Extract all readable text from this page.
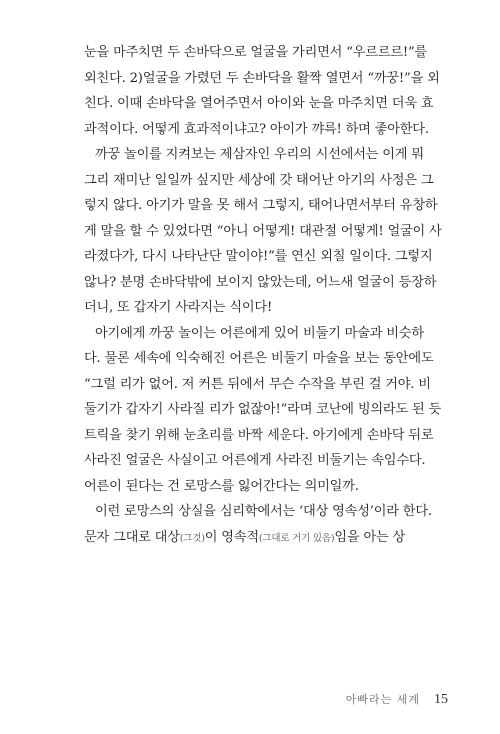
눈을 마주치면 두 손바닥으로 얼굴을 가리면서 “우르르르!”를
외친다. 2)얼굴을 가렸던 두 손바닥을 활짝 열면서 “까꿍!”을 외
친다. 이때 손바닥을 열어주면서 아이와 눈을 마주치면 더욱 효
과적이다. 어떻게 효과적이냐고? 아이가 꺄륵! 하며 좋아한다.
까꿍 놀이를 지켜보는 제삼자인 우리의 시선에서는 이게 뭐
그리 재미난 일일까 싶지만 세상에 갓 태어난 아기의 사정은 그
렇지 않다. 아기가 말을 못 해서 그렇지, 태어나면서부터 유창하
게 말을 할 수 있었다면 “아니 어떻게! 대관절 어떻게! 얼굴이 사
라졌다가, 다시 나타난단 말이야!”를 연신 외칠 일이다. 그렇지
않나? 분명 손바닥밖에 보이지 않았는데, 어느새 얼굴이 등장하
더니, 또 갑자기 사라지는 식이다!
아기에게 까꿍 놀이는 어른에게 있어 비둘기 마술과 비슷하
다. 물론 세속에 익숙해진 어른은 비둘기 마술을 보는 동안에도
“그럴 리가 없어. 저 커튼 뒤에서 무슨 수작을 부린 걸 거야. 비
둘기가 갑자기 사라질 리가 없잖아!”라며 코난에 빙의라도 된 듯
트릭을 찾기 위해 눈초리를 바짝 세운다. 아기에게 손바닥 뒤로
사라진 얼굴은 사실이고 어른에게 사라진 비둘기는 속임수다.
어른이 된다는 건 로망스를 잃어간다는 의미일까.
이런 로망스의 상실을 심리학에서는 ‘대상 영속성’이라 한다.
문자 그대로 대상(그것)이 영속적(그대로 거기 있음)임을 아는 상
아빠라는 세계 15
